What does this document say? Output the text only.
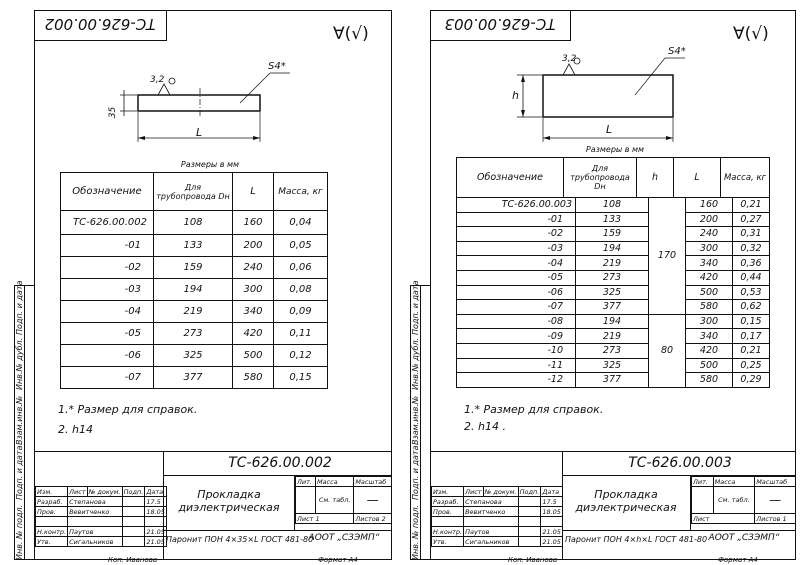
Инв. № подл.
Подп. и дата
Взам.инв.№
Инв.№ дубл.
Подп. и дата
ТС-626.00.002	∀(√)
3,2
S4*
35
L
Размеры в мм
Обозначение	Для трубопровода Dн	L	Масса, кг
ТС-626.00.002	108	160	0,04
-01	133	200	0,05
-02	159	240	0,06
-03	194	300	0,08
-04	219	340	0,09
-05	273	420	0,11
-06	325	500	0,12
-07	377	580	0,15
1.* Размер для справок.
2. h14
ТС-626.00.002
Прокладка диэлектрическая
Лит.	Масса	Масштаб
	См. табл.	—
Лист 1		Листов 2
Паронит ПОН 4×35×L ГОСТ 481-80
АООТ „СЗЭМП“
Изм.	Лист	№ докум.	Подп.	Дата
Разраб.	Степанова			17.5
Пров.	Вевитченко			18.05

Н.контр.	Паутов			21.05
Утв.	Сигальников			21.05
Коп. Иванова	Формат А4	Инв. № подл.
Подп. и дата
Взам.инв.№
Инв.№ дубл.
Подп. и дата
ТС-626.00.003	∀(√)
3,2
S4*
h
L
Размеры в мм
Обозначение	Для трубопровода Dн	h	L	Масса, кг
ТС-626.00.003	108	170	160	0,21
-01	133		200	0,27
-02	159		240	0,31
-03	194		300	0,32
-04	219		340	0,36
-05	273		420	0,44
-06	325		500	0,53
-07	377		580	0,62
-08	194	80	300	0,15
-09	219		340	0,17
-10	273		420	0,21
-11	325		500	0,25
-12	377		580	0,29
1.* Размер для справок.
2. h14 .
ТС-626.00.003
Прокладка диэлектрическая
Лит.	Масса	Масштаб
	См. табл.	—
Лист		Листов 1
Паронит ПОН 4×h×L ГОСТ 481-80 АООТ „СЗЭМП“
Изм.	Лист	№ докум.	Подп.	Дата
Разраб.	Степанова			17.5
Пров.	Вевитченко			18.05

Н.контр.	Паутов			21.05
Утв.	Сигальников			21.05
Коп. Иванова	Формат А4
